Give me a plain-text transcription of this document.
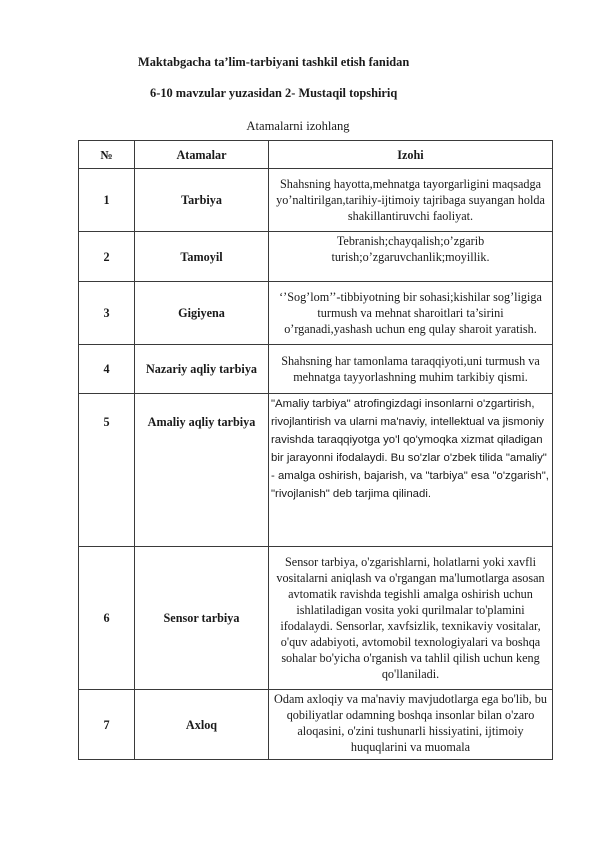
Maktabgacha ta’lim-tarbiyani tashkil etish fanidan
6-10 mavzular yuzasidan 2- Mustaqil topshiriq
Atamalarni izohlang
№	Atamalar	Izohi
1	Tarbiya	Shahsning hayotta,mehnatga tayorgarligini maqsadga yo’naltirilgan,tarihiy-ijtimoiy tajribaga suyangan holda shakillantiruvchi faoliyat.
2	Tamoyil	Tebranish;chayqalish;o’zgarib turish;o’zgaruvchanlik;moyillik.
3	Gigiyena	‘’Sog’lom’’-tibbiyotning bir sohasi;kishilar sog’ligiga turmush va mehnat sharoitlari ta’sirini o’rganadi,yashash uchun eng qulay sharoit yaratish.
4	Nazariy aqliy tarbiya	Shahsning har tamonlama taraqqiyoti,uni turmush va mehnatga tayyorlashning muhim tarkibiy qismi.
5	Amaliy aqliy tarbiya	"Amaliy tarbiya" atrofingizdagi insonlarni o'zgartirish, rivojlantirish va ularni ma'naviy, intellektual va jismoniy ravishda taraqqiyotga yo'l qo'ymoqka xizmat qiladigan bir jarayonni ifodalaydi. Bu so'zlar o'zbek tilida "amaliy" - amalga oshirish, bajarish, va "tarbiya" esa "o'zgarish", "rivojlanish" deb tarjima qilinadi.
6	Sensor tarbiya	Sensor tarbiya, o'zgarishlarni, holatlarni yoki xavfli vositalarni aniqlash va o'rgangan ma'lumotlarga asosan avtomatik ravishda tegishli amalga oshirish uchun ishlatiladigan vosita yoki qurilmalar to'plamini ifodalaydi. Sensorlar, xavfsizlik, texnikaviy vositalar, o'quv adabiyoti, avtomobil texnologiyalari va boshqa sohalar bo'yicha o'rganish va tahlil qilish uchun keng qo'llaniladi.
7	Axloq	Odam axloqiy va ma'naviy mavjudotlarga ega bo'lib, bu qobiliyatlar odamning boshqa insonlar bilan o'zaro aloqasini, o'zini tushunarli hissiyatini, ijtimoiy huquqlarini va muomala
